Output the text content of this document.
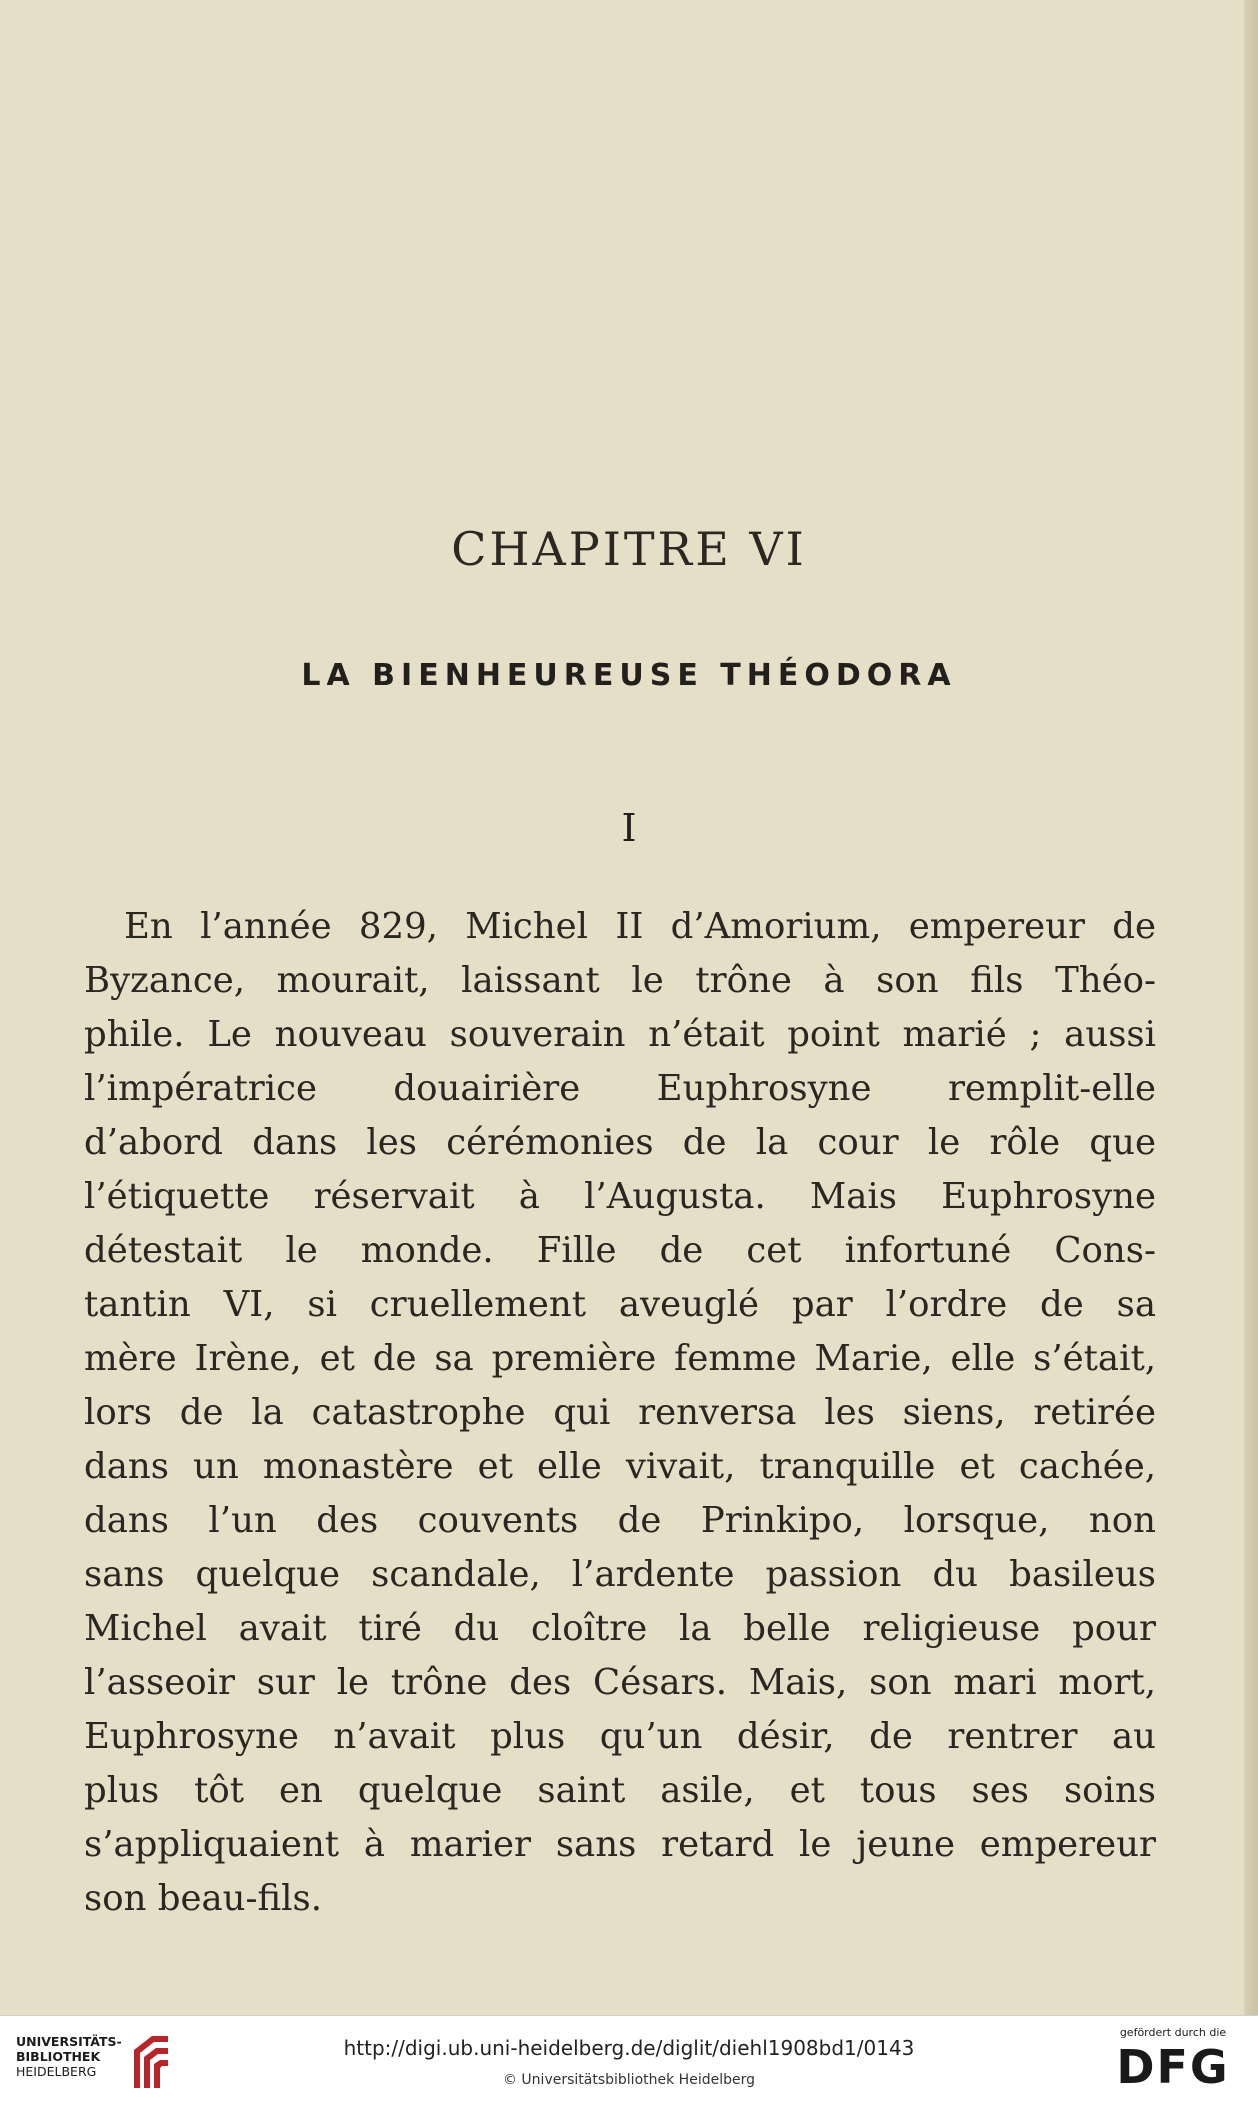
CHAPITRE VI
LA BIENHEUREUSE THÉODORA
I
En l’année 829, Michel II d’Amorium, empereur de
Byzance, mourait, laissant le trône à son fils Théo-
phile. Le nouveau souverain n’était point marié ; aussi
l’impératrice douairière Euphrosyne remplit-elle
d’abord dans les cérémonies de la cour le rôle que
l’étiquette réservait à l’Augusta. Mais Euphrosyne
détestait le monde. Fille de cet infortuné Cons-
tantin VI, si cruellement aveuglé par l’ordre de sa
mère Irène, et de sa première femme Marie, elle s’était,
lors de la catastrophe qui renversa les siens, retirée
dans un monastère et elle vivait, tranquille et cachée,
dans l’un des couvents de Prinkipo, lorsque, non
sans quelque scandale, l’ardente passion du basileus
Michel avait tiré du cloître la belle religieuse pour
l’asseoir sur le trône des Césars. Mais, son mari mort,
Euphrosyne n’avait plus qu’un désir, de rentrer au
plus tôt en quelque saint asile, et tous ses soins
s’appliquaient à marier sans retard le jeune empereur
son beau-fils.
UNIVERSITÄTS-
BIBLIOTHEK
HEIDELBERG
http://digi.ub.uni-heidelberg.de/diglit/diehl1908bd1/0143
© Universitätsbibliothek Heidelberg
gefördert durch die
DFG
